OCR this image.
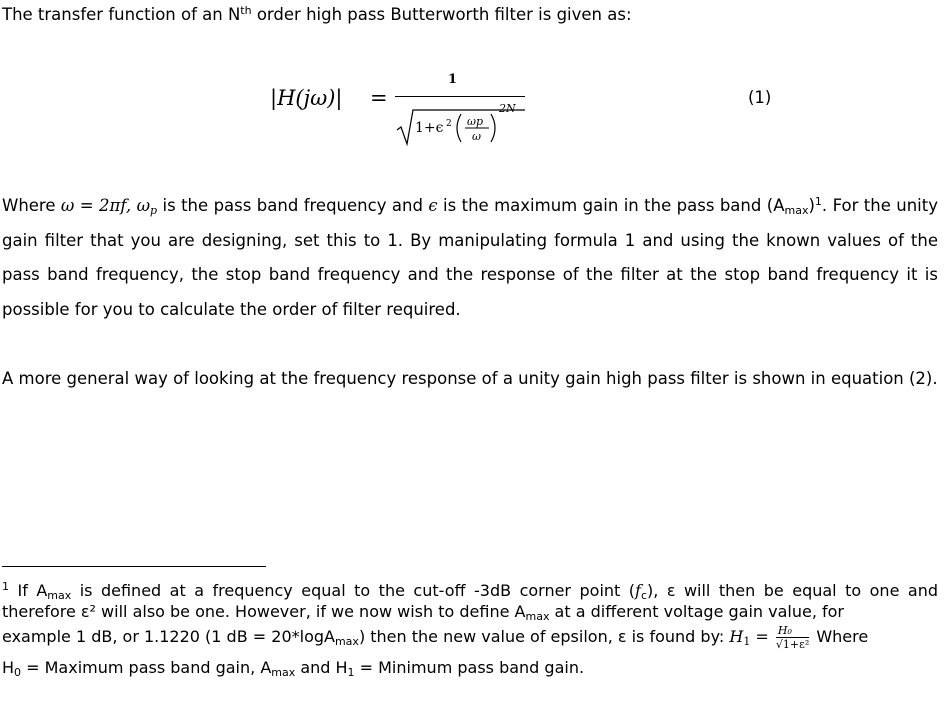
The transfer function of an $N^{th}$ order high pass Butterworth filter is given as:
|H(jω)| =
1
1+ϵ 2 ωp
ω
2N
(1)
Where ω = 2πf, $\omega_p$ is the pass band frequency and ϵ is the maximum gain in the pass band $(A_{max})^1$. For the unity gain filter that you are designing, set this to 1. By manipulating formula 1 and using the known values of the pass band frequency, the stop band frequency and the response of the filter at the stop band frequency it is possible for you to calculate the order of filter required.
A more general way of looking at the frequency response of a unity gain high pass filter is shown in equation (2).
$^1$ If $A_{max}$ is defined at a frequency equal to the cut-off -3dB corner point $(f_c)$, ε will then be equal to one and therefore ε² will also be one. However, if we now wish to define $A_{max}$ at a different voltage gain value, for
example 1 dB, or 1.1220 (1 dB = 20*logA$_{max}$) then the new value of epsilon, ε is found by: $H_1 = \frac{\text{H₀}}{\text{√1+ε²}}$ Where
$H_0$ = Maximum pass band gain, $A_{max}$ and $H_1$ = Minimum pass band gain.
